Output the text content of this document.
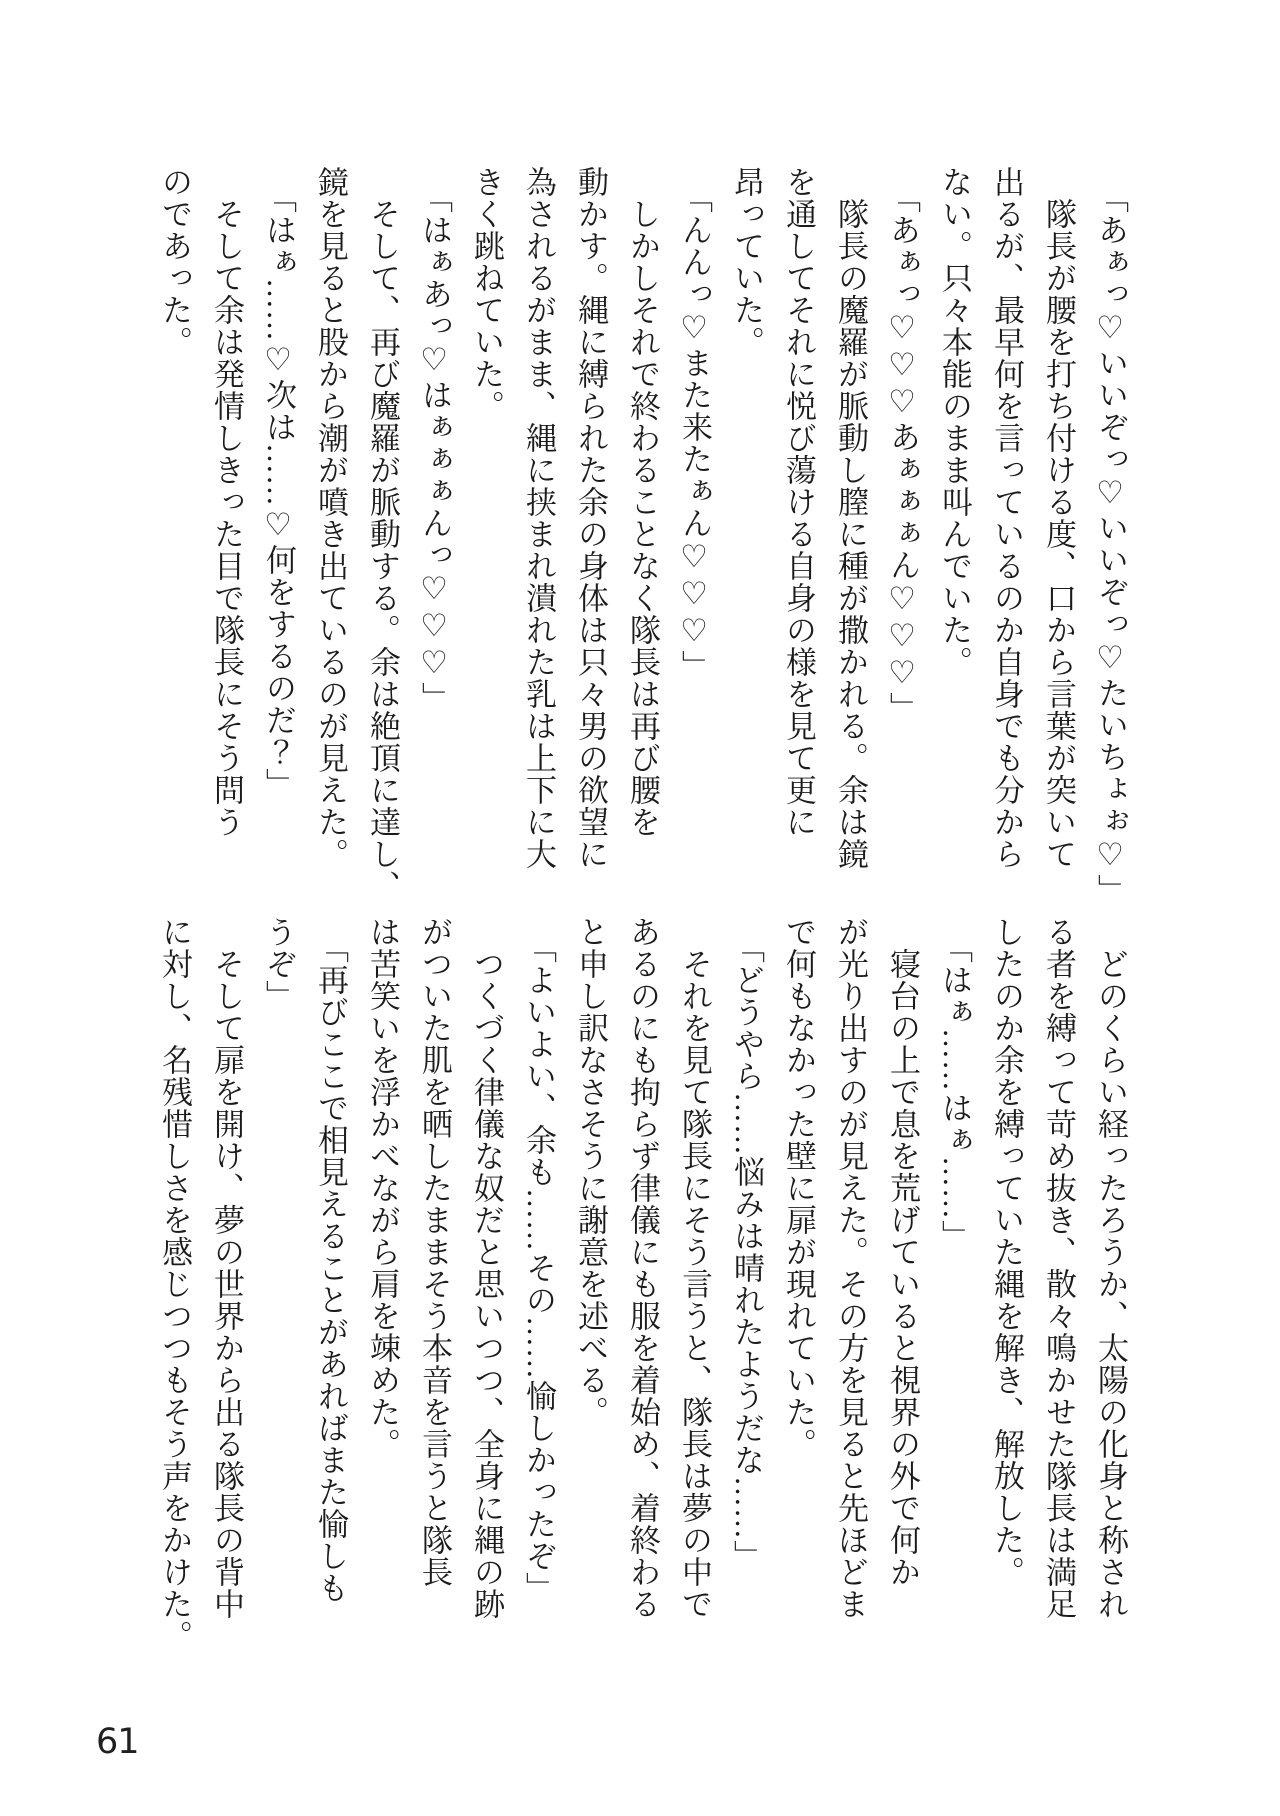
「あぁっ♡いいぞっ♡いいぞっ♡たいちょぉ♡」

隊長が腰を打ち付ける度、口から言葉が突いて

出るが、最早何を言っているのか自身でも分から

ない。只々本能のまま叫んでいた。

「あぁっ♡♡♡あぁぁぁん♡♡♡」

隊長の魔羅が脈動し膣に種が撒かれる。余は鏡

を通してそれに悦び蕩ける自身の様を見て更に

昂っていた。

「んんっ♡また来たぁん♡♡♡」

しかしそれで終わることなく隊長は再び腰を

動かす。縄に縛られた余の身体は只々男の欲望に

為されるがまま、縄に挟まれ潰れた乳は上下に大

きく跳ねていた。

「はぁあっ♡はぁぁぁんっ♡♡♡」

そして、再び魔羅が脈動する。余は絶頂に達し、

鏡を見ると股から潮が噴き出ているのが見えた。

「はぁ……♡次は……♡何をするのだ？」

そして余は発情しきった目で隊長にそう問う

のであった。

どのくらい経ったろうか、太陽の化身と称され

る者を縛って苛め抜き、散々鳴かせた隊長は満足

したのか余を縛っていた縄を解き、解放した。

「はぁ……はぁ……」

寝台の上で息を荒げていると視界の外で何か

が光り出すのが見えた。その方を見ると先ほどま

で何もなかった壁に扉が現れていた。

「どうやら……悩みは晴れたようだな……」

それを見て隊長にそう言うと、隊長は夢の中で

あるのにも拘らず律儀にも服を着始め、着終わる

と申し訳なさそうに謝意を述べる。

「よいよい、余も……その……愉しかったぞ」

つくづく律儀な奴だと思いつつ、全身に縄の跡

がついた肌を晒したままそう本音を言うと隊長

は苦笑いを浮かべながら肩を竦めた。

「再びここで相見えることがあればまた愉しも

うぞ」

そして扉を開け、夢の世界から出る隊長の背中

に対し、名残惜しさを感じつつもそう声をかけた。

61
